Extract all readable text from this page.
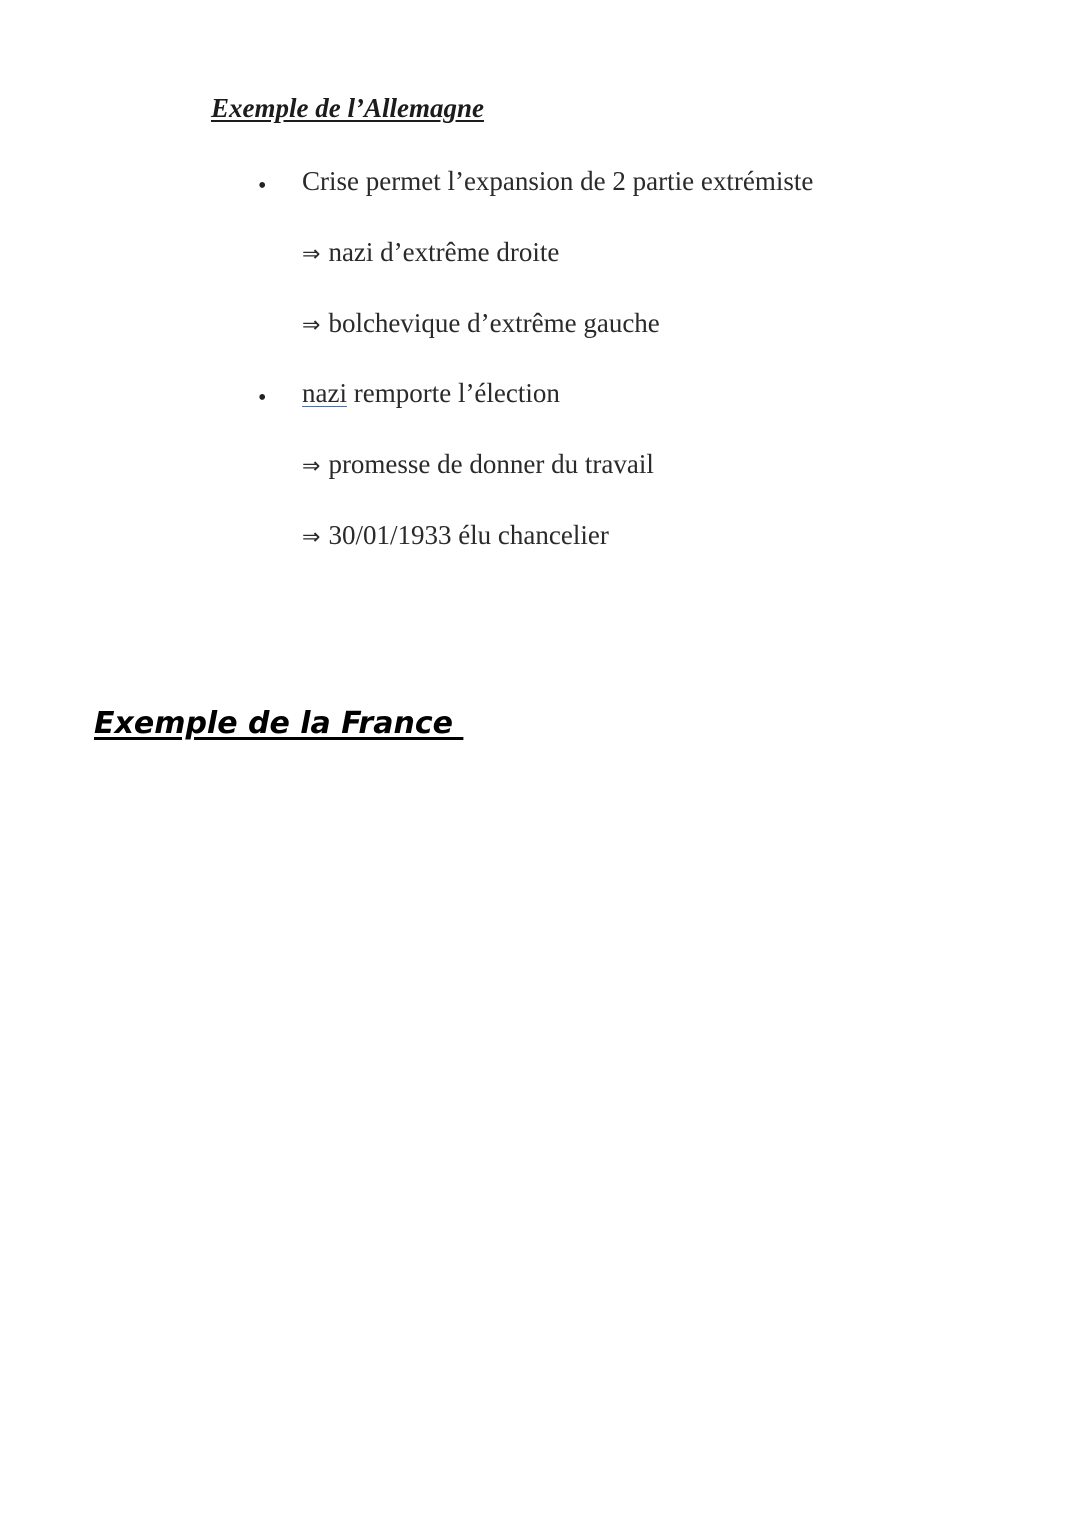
Exemple de l’Allemagne
• Crise permet l’expansion de 2 partie extrémiste

⇒ nazi d’extrême droite

⇒ bolchevique d’extrême gauche

• nazi remporte l’élection

⇒ promesse de donner du travail

⇒ 30/01/1933 élu chancelier

Exemple de la France
